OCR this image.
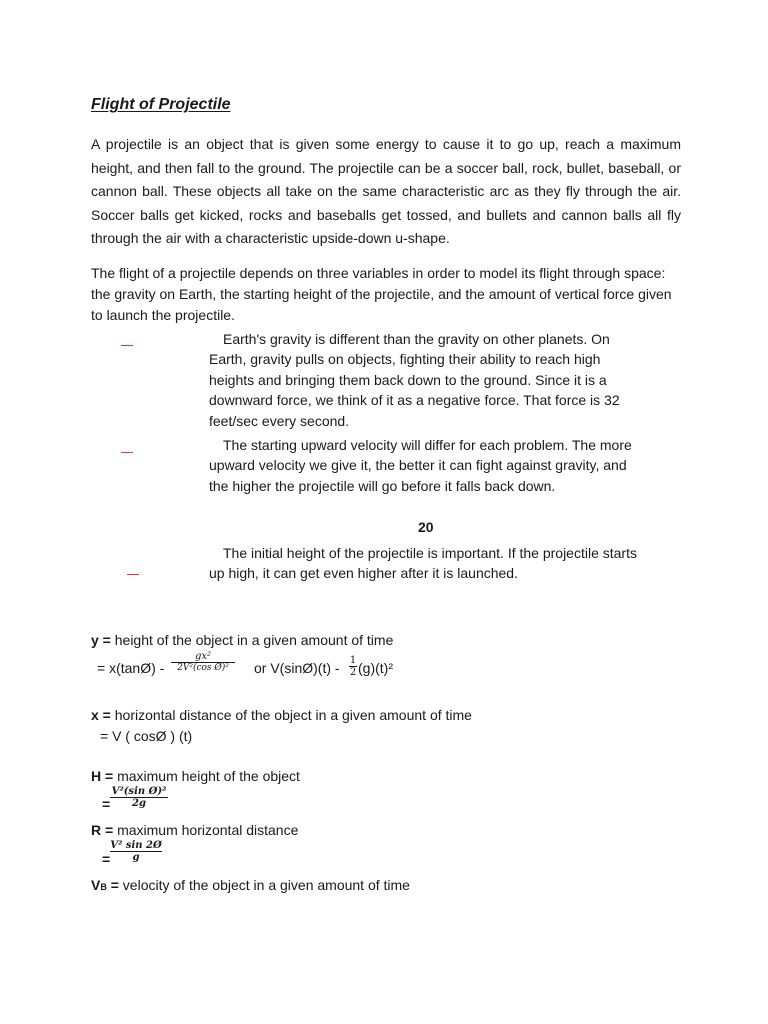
Flight of Projectile

A projectile is an object that is given some energy to cause it to go up, reach a maximum height, and then fall to the ground. The projectile can be a soccer ball, rock, bullet, baseball, or cannon ball. These objects all take on the same characteristic arc as they fly through the air. Soccer balls get kicked, rocks and baseballs get tossed, and bullets and cannon balls all fly through the air with a characteristic upside-down u-shape.

The flight of a projectile depends on three variables in order to model its flight through space: the gravity on Earth, the starting height of the projectile, and the amount of vertical force given to launch the projectile.

Earth's gravity is different than the gravity on other planets. On Earth, gravity pulls on objects, fighting their ability to reach high heights and bringing them back down to the ground. Since it is a downward force, we think of it as a negative force. That force is 32 feet/sec every second.

The starting upward velocity will differ for each problem. The more upward velocity we give it, the better it can fight against gravity, and the higher the projectile will go before it falls back down.

20

The initial height of the projectile is important. If the projectile starts up high, it can get even higher after it is launched.

y = height of the object in a given amount of time
= x(tanØ) -
gx²
2V²(cos Ø)²	or V(sinØ)(t) - 1
2 (g)(t)²
x = horizontal distance of the object in a given amount of time
= V ( cosØ ) (t)
H = maximum height of the object
=
V²(sin Ø)²
2g
R = maximum horizontal distance
=
V² sin 2Ø
g
VB = velocity of the object in a given amount of time
